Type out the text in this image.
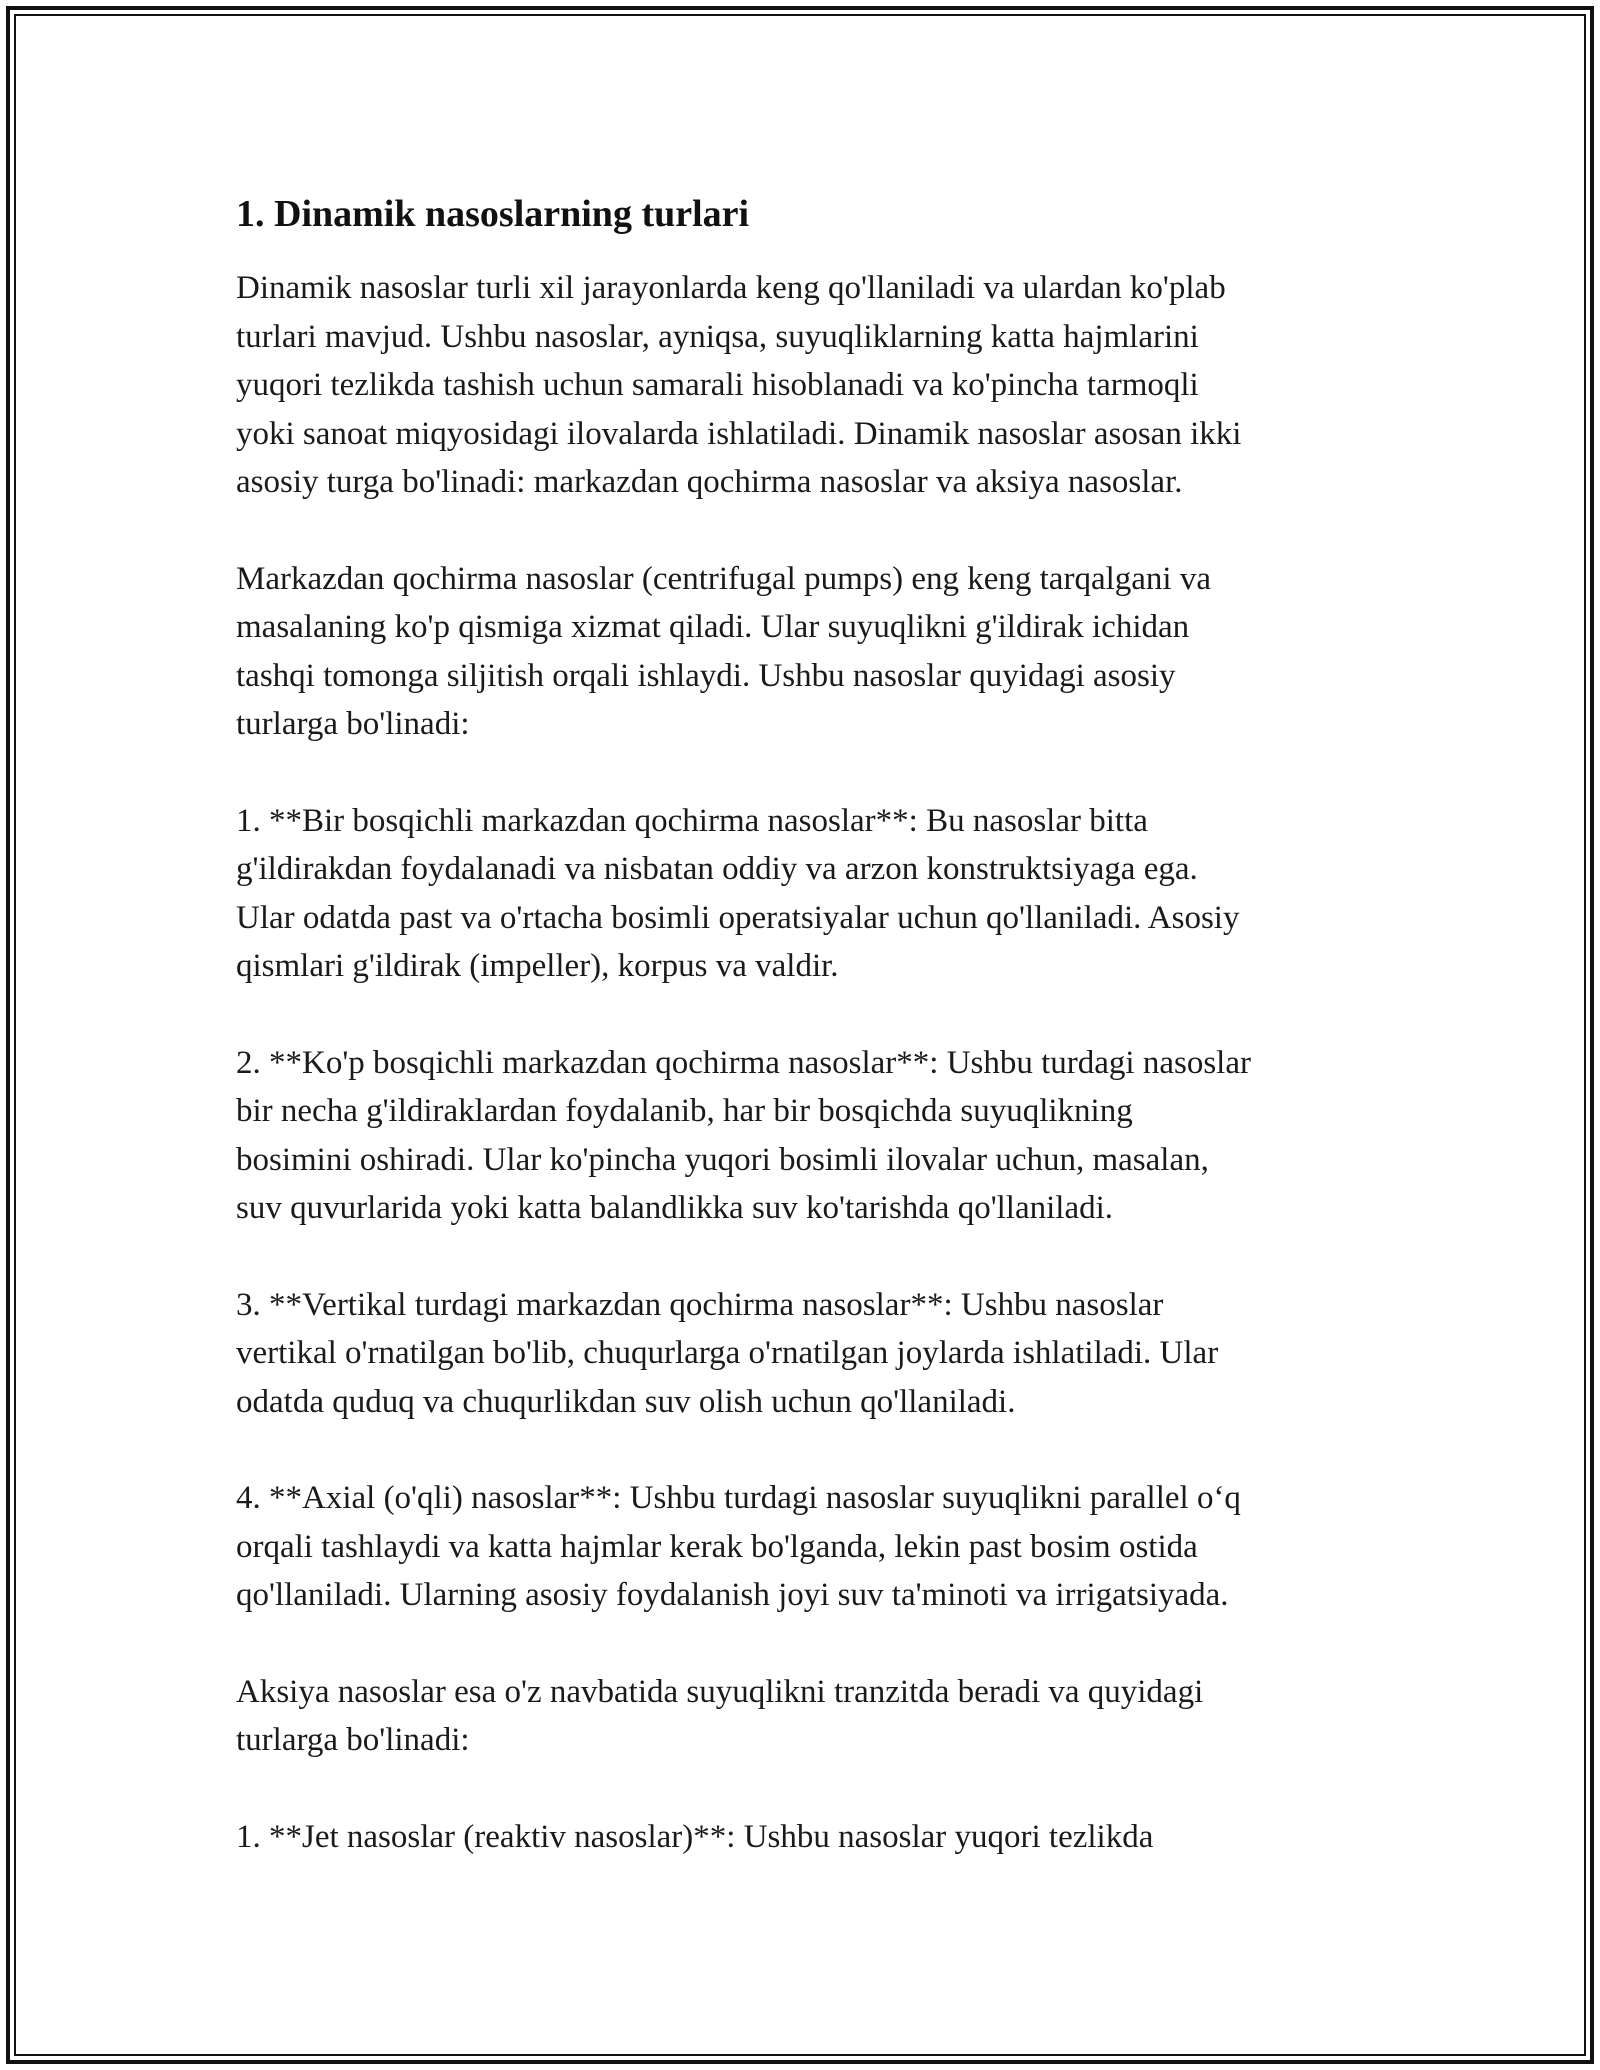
1. Dinamik nasoslarning turlari

Dinamik nasoslar turli xil jarayonlarda keng qo'llaniladi va ulardan ko'plab
turlari mavjud. Ushbu nasoslar, ayniqsa, suyuqliklarning katta hajmlarini
yuqori tezlikda tashish uchun samarali hisoblanadi va ko'pincha tarmoqli
yoki sanoat miqyosidagi ilovalarda ishlatiladi. Dinamik nasoslar asosan ikki
asosiy turga bo'linadi: markazdan qochirma nasoslar va aksiya nasoslar.

Markazdan qochirma nasoslar (centrifugal pumps) eng keng tarqalgani va
masalaning ko'p qismiga xizmat qiladi. Ular suyuqlikni g'ildirak ichidan
tashqi tomonga siljitish orqali ishlaydi. Ushbu nasoslar quyidagi asosiy
turlarga bo'linadi:

1. **Bir bosqichli markazdan qochirma nasoslar**: Bu nasoslar bitta
g'ildirakdan foydalanadi va nisbatan oddiy va arzon konstruktsiyaga ega.
Ular odatda past va o'rtacha bosimli operatsiyalar uchun qo'llaniladi. Asosiy
qismlari g'ildirak (impeller), korpus va valdir.

2. **Ko'p bosqichli markazdan qochirma nasoslar**: Ushbu turdagi nasoslar
bir necha g'ildiraklardan foydalanib, har bir bosqichda suyuqlikning
bosimini oshiradi. Ular ko'pincha yuqori bosimli ilovalar uchun, masalan,
suv quvurlarida yoki katta balandlikka suv ko'tarishda qo'llaniladi.

3. **Vertikal turdagi markazdan qochirma nasoslar**: Ushbu nasoslar
vertikal o'rnatilgan bo'lib, chuqurlarga o'rnatilgan joylarda ishlatiladi. Ular
odatda quduq va chuqurlikdan suv olish uchun qo'llaniladi.

4. **Axial (o'qli) nasoslar**: Ushbu turdagi nasoslar suyuqlikni parallel o‘q
orqali tashlaydi va katta hajmlar kerak bo'lganda, lekin past bosim ostida
qo'llaniladi. Ularning asosiy foydalanish joyi suv ta'minoti va irrigatsiyada.

Aksiya nasoslar esa o'z navbatida suyuqlikni tranzitda beradi va quyidagi
turlarga bo'linadi:

1. **Jet nasoslar (reaktiv nasoslar)**: Ushbu nasoslar yuqori tezlikda
